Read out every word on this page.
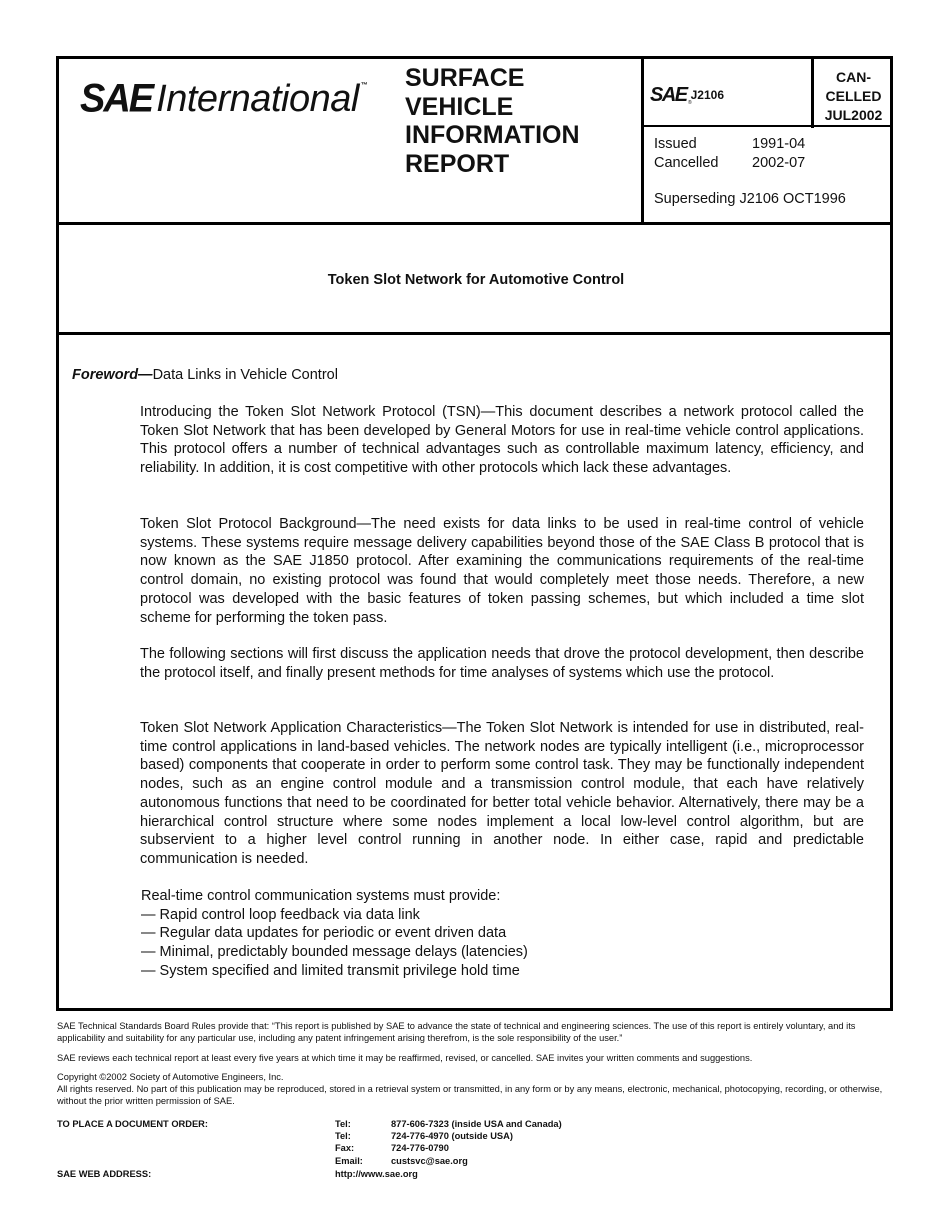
SAE International ™ SURFACE
VEHICLE
INFORMATION
REPORT
SAE ®
J2106
CAN-
CELLED
JUL2002
Issued	1991-04
Cancelled	2002-07
Superseding J2106 OCT1996
Token Slot Network for Automotive Control
Foreword—Data Links in Vehicle Control
Introducing the Token Slot Network Protocol (TSN)—This document describes a network protocol called the Token Slot Network that has been developed by General Motors for use in real-time vehicle control applications. This protocol offers a number of technical advantages such as controllable maximum latency, efficiency, and reliability. In addition, it is cost competitive with other protocols which lack these advantages.
Token Slot Protocol Background—The need exists for data links to be used in real-time control of vehicle systems. These systems require message delivery capabilities beyond those of the SAE Class B protocol that is now known as the SAE J1850 protocol. After examining the communications requirements of the real-time control domain, no existing protocol was found that would completely meet those needs. Therefore, a new protocol was developed with the basic features of token passing schemes, but which included a time slot scheme for performing the token pass.
The following sections will first discuss the application needs that drove the protocol development, then describe the protocol itself, and finally present methods for time analyses of systems which use the protocol.
Token Slot Network Application Characteristics—The Token Slot Network is intended for use in distributed, real-time control applications in land-based vehicles. The network nodes are typically intelligent (i.e., microprocessor based) components that cooperate in order to perform some control task. They may be functionally independent nodes, such as an engine control module and a transmission control module, that each have relatively autonomous functions that need to be coordinated for better total vehicle behavior. Alternatively, there may be a hierarchical control structure where some nodes implement a local low-level control algorithm, but are subservient to a higher level control running in another node. In either case, rapid and predictable communication is needed.
Real-time control communication systems must provide:
— Rapid control loop feedback via data link
— Regular data updates for periodic or event driven data
— Minimal, predictably bounded message delays (latencies)
— System specified and limited transmit privilege hold time
SAE Technical Standards Board Rules provide that: “This report is published by SAE to advance the state of technical and engineering sciences. The use of this report is entirely voluntary, and its applicability and suitability for any particular use, including any patent infringement arising therefrom, is the sole responsibility of the user.”
SAE reviews each technical report at least every five years at which time it may be reaffirmed, revised, or cancelled. SAE invites your written comments and suggestions.
Copyright ©2002 Society of Automotive Engineers, Inc.
All rights reserved. No part of this publication may be reproduced, stored in a retrieval system or transmitted, in any form or by any means, electronic, mechanical, photocopying, recording, or otherwise, without the prior written permission of SAE.
TO PLACE A DOCUMENT ORDER:
SAE WEB ADDRESS:
Tel:
Tel:
Fax:
Email:
877-606-7323 (inside USA and Canada)
724-776-4970 (outside USA)
724-776-0790
custsvc@sae.org
http://www.sae.org
